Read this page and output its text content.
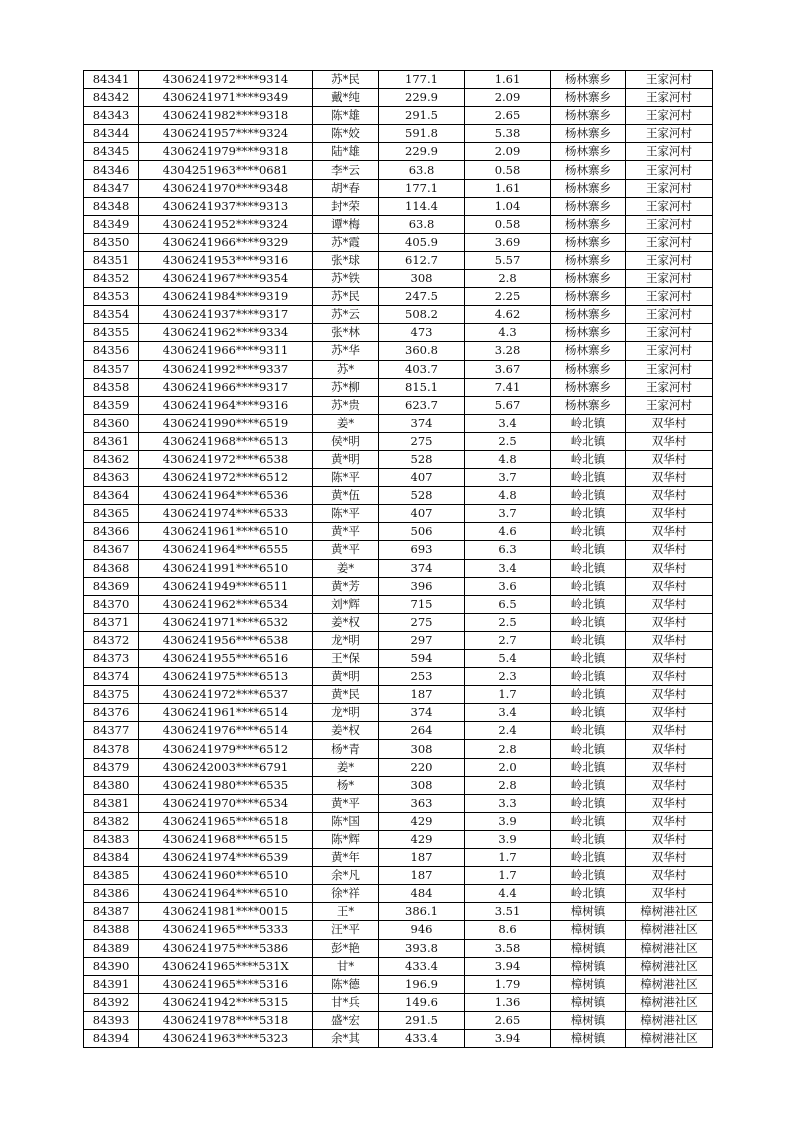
84341	4306241972****9314	苏*民	177.1	1.61	杨林寨乡	王家河村
84342	4306241971****9349	戴*纯	229.9	2.09	杨林寨乡	王家河村
84343	4306241982****9318	陈*雄	291.5	2.65	杨林寨乡	王家河村
84344	4306241957****9324	陈*姣	591.8	5.38	杨林寨乡	王家河村
84345	4306241979****9318	陆*雄	229.9	2.09	杨林寨乡	王家河村
84346	4304251963****0681	李*云	63.8	0.58	杨林寨乡	王家河村
84347	4306241970****9348	胡*春	177.1	1.61	杨林寨乡	王家河村
84348	4306241937****9313	封*荣	114.4	1.04	杨林寨乡	王家河村
84349	4306241952****9324	谭*梅	63.8	0.58	杨林寨乡	王家河村
84350	4306241966****9329	苏*霞	405.9	3.69	杨林寨乡	王家河村
84351	4306241953****9316	张*球	612.7	5.57	杨林寨乡	王家河村
84352	4306241967****9354	苏*铁	308	2.8	杨林寨乡	王家河村
84353	4306241984****9319	苏*民	247.5	2.25	杨林寨乡	王家河村
84354	4306241937****9317	苏*云	508.2	4.62	杨林寨乡	王家河村
84355	4306241962****9334	张*林	473	4.3	杨林寨乡	王家河村
84356	4306241966****9311	苏*华	360.8	3.28	杨林寨乡	王家河村
84357	4306241992****9337	苏*	403.7	3.67	杨林寨乡	王家河村
84358	4306241966****9317	苏*柳	815.1	7.41	杨林寨乡	王家河村
84359	4306241964****9316	苏*贵	623.7	5.67	杨林寨乡	王家河村
84360	4306241990****6519	姜*	374	3.4	岭北镇	双华村
84361	4306241968****6513	侯*明	275	2.5	岭北镇	双华村
84362	4306241972****6538	黄*明	528	4.8	岭北镇	双华村
84363	4306241972****6512	陈*平	407	3.7	岭北镇	双华村
84364	4306241964****6536	黄*伍	528	4.8	岭北镇	双华村
84365	4306241974****6533	陈*平	407	3.7	岭北镇	双华村
84366	4306241961****6510	黄*平	506	4.6	岭北镇	双华村
84367	4306241964****6555	黄*平	693	6.3	岭北镇	双华村
84368	4306241991****6510	姜*	374	3.4	岭北镇	双华村
84369	4306241949****6511	黄*芳	396	3.6	岭北镇	双华村
84370	4306241962****6534	刘*辉	715	6.5	岭北镇	双华村
84371	4306241971****6532	姜*权	275	2.5	岭北镇	双华村
84372	4306241956****6538	龙*明	297	2.7	岭北镇	双华村
84373	4306241955****6516	王*保	594	5.4	岭北镇	双华村
84374	4306241975****6513	黄*明	253	2.3	岭北镇	双华村
84375	4306241972****6537	黄*民	187	1.7	岭北镇	双华村
84376	4306241961****6514	龙*明	374	3.4	岭北镇	双华村
84377	4306241976****6514	姜*权	264	2.4	岭北镇	双华村
84378	4306241979****6512	杨*青	308	2.8	岭北镇	双华村
84379	4306242003****6791	姜*	220	2.0	岭北镇	双华村
84380	4306241980****6535	杨*	308	2.8	岭北镇	双华村
84381	4306241970****6534	黄*平	363	3.3	岭北镇	双华村
84382	4306241965****6518	陈*国	429	3.9	岭北镇	双华村
84383	4306241968****6515	陈*辉	429	3.9	岭北镇	双华村
84384	4306241974****6539	黄*年	187	1.7	岭北镇	双华村
84385	4306241960****6510	余*凡	187	1.7	岭北镇	双华村
84386	4306241964****6510	徐*祥	484	4.4	岭北镇	双华村
84387	4306241981****0015	王*	386.1	3.51	樟树镇	樟树港社区
84388	4306241965****5333	汪*平	946	8.6	樟树镇	樟树港社区
84389	4306241975****5386	彭*艳	393.8	3.58	樟树镇	樟树港社区
84390	4306241965****531X	甘*	433.4	3.94	樟树镇	樟树港社区
84391	4306241965****5316	陈*德	196.9	1.79	樟树镇	樟树港社区
84392	4306241942****5315	甘*兵	149.6	1.36	樟树镇	樟树港社区
84393	4306241978****5318	盛*宏	291.5	2.65	樟树镇	樟树港社区
84394	4306241963****5323	余*其	433.4	3.94	樟树镇	樟树港社区
